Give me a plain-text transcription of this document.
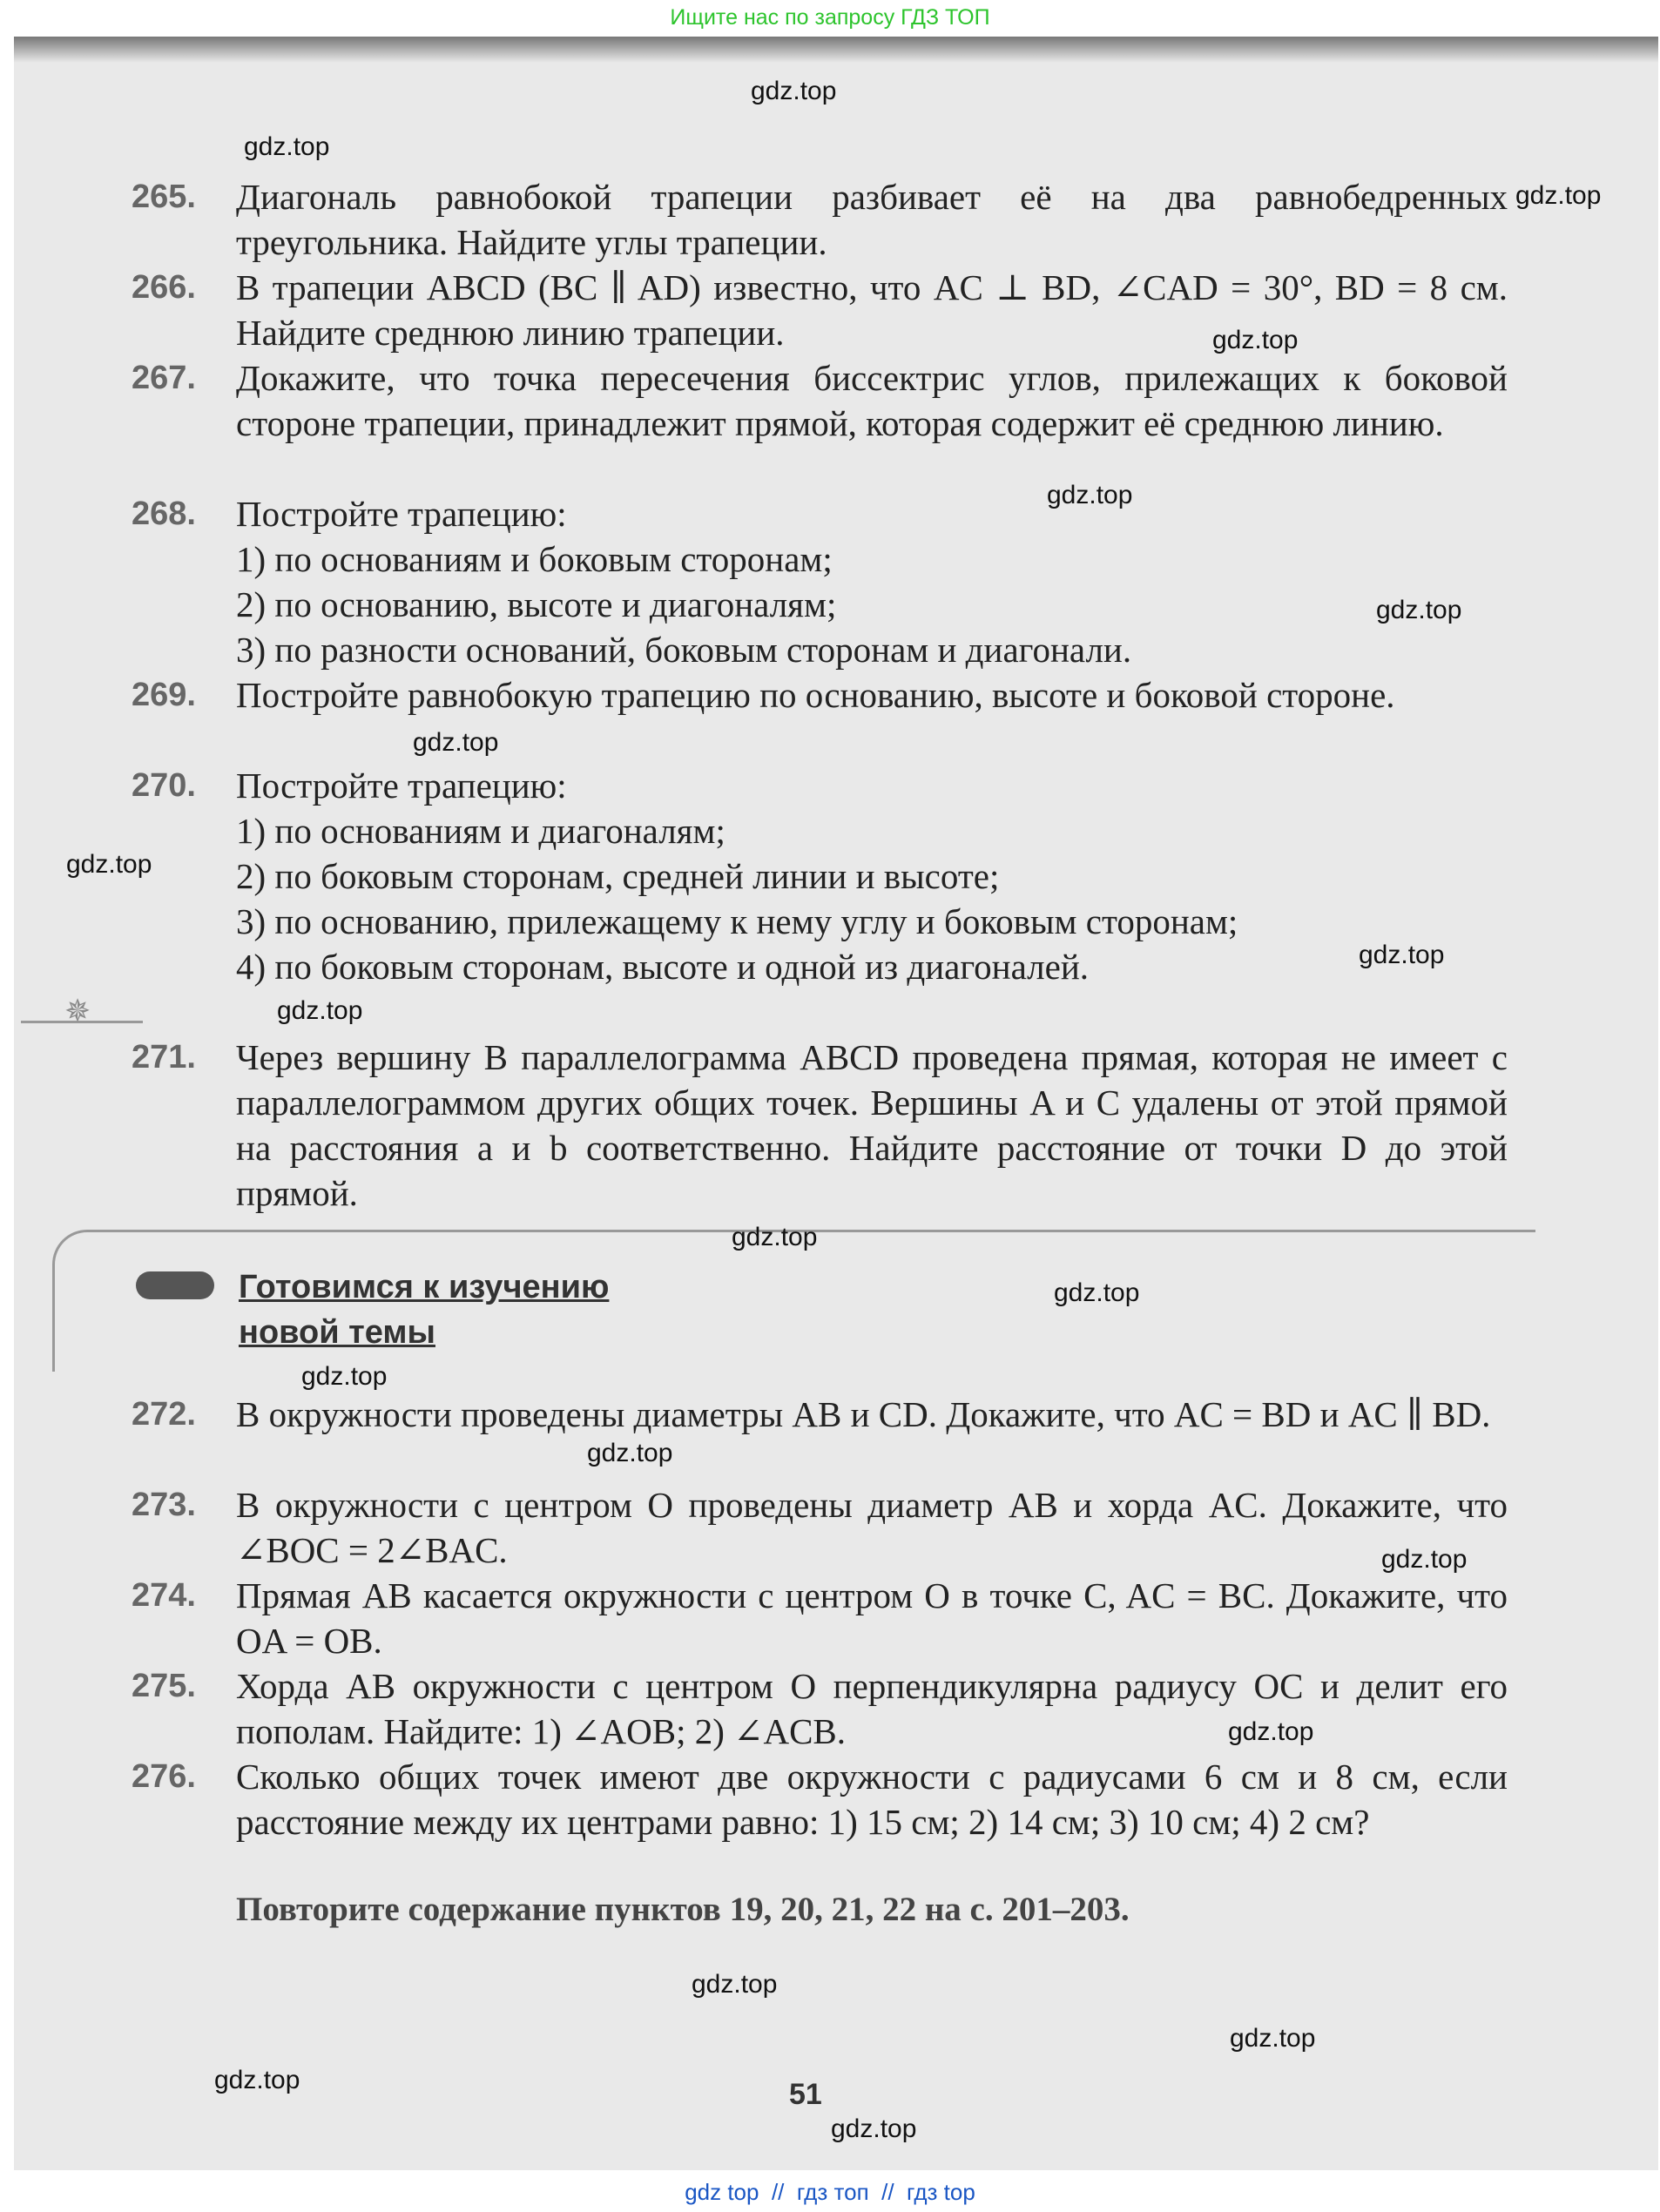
Ищите нас по запросу ГДЗ ТОП
265. Диагональ равнобокой трапеции разбивает её на два равнобедренных треугольника. Найдите углы трапеции.
266. В трапеции ABCD (BC ∥ AD) известно, что AC ⊥ BD, ∠CAD = 30°, BD = 8 см. Найдите среднюю линию трапеции.
267. Докажите, что точка пересечения биссектрис углов, прилежащих к боковой стороне трапеции, принадлежит прямой, которая содержит её среднюю линию.
268. Постройте трапецию:
1) по основаниям и боковым сторонам;
2) по основанию, высоте и диагоналям;
3) по разности оснований, боковым сторонам и диагонали.
269. Постройте равнобокую трапецию по основанию, высоте и боковой стороне.
270. Постройте трапецию:
1) по основаниям и диагоналям;
2) по боковым сторонам, средней линии и высоте;
3) по основанию, прилежащему к нему углу и боковым сторонам;
4) по боковым сторонам, высоте и одной из диагоналей.
✵
271. Через вершину B параллелограмма ABCD проведена прямая, которая не имеет с параллелограммом других общих точек. Вершины A и C удалены от этой прямой на расстояния a и b соответственно. Найдите расстояние от точки D до этой прямой.
Готовимся к изучению новой темы
272. В окружности проведены диаметры AB и CD. Докажите, что AC = BD и AC ∥ BD.
273. В окружности с центром O проведены диаметр AB и хорда AC. Докажите, что ∠BOC = 2∠BAC.
274. Прямая AB касается окружности с центром O в точке C, AC = BC. Докажите, что OA = OB.
275. Хорда AB окружности с центром O перпендикулярна радиусу OC и делит его пополам. Найдите: 1) ∠AOB; 2) ∠ACB.
276. Сколько общих точек имеют две окружности с радиусами 6 см и 8 см, если расстояние между их центрами равно: 1) 15 см; 2) 14 см; 3) 10 см; 4) 2 см?
Повторите содержание пунктов 19, 20, 21, 22 на с. 201–203.
51
gdz.top
gdz.top
gdz.top
gdz.top
gdz.top
gdz.top
gdz.top
gdz.top
gdz.top
gdz.top
gdz.top
gdz.top
gdz.top
gdz.top
gdz.top
gdz.top
gdz.top
gdz.top
gdz.top
gdz.top
gdz top  //  гдз топ  //  гдз top
